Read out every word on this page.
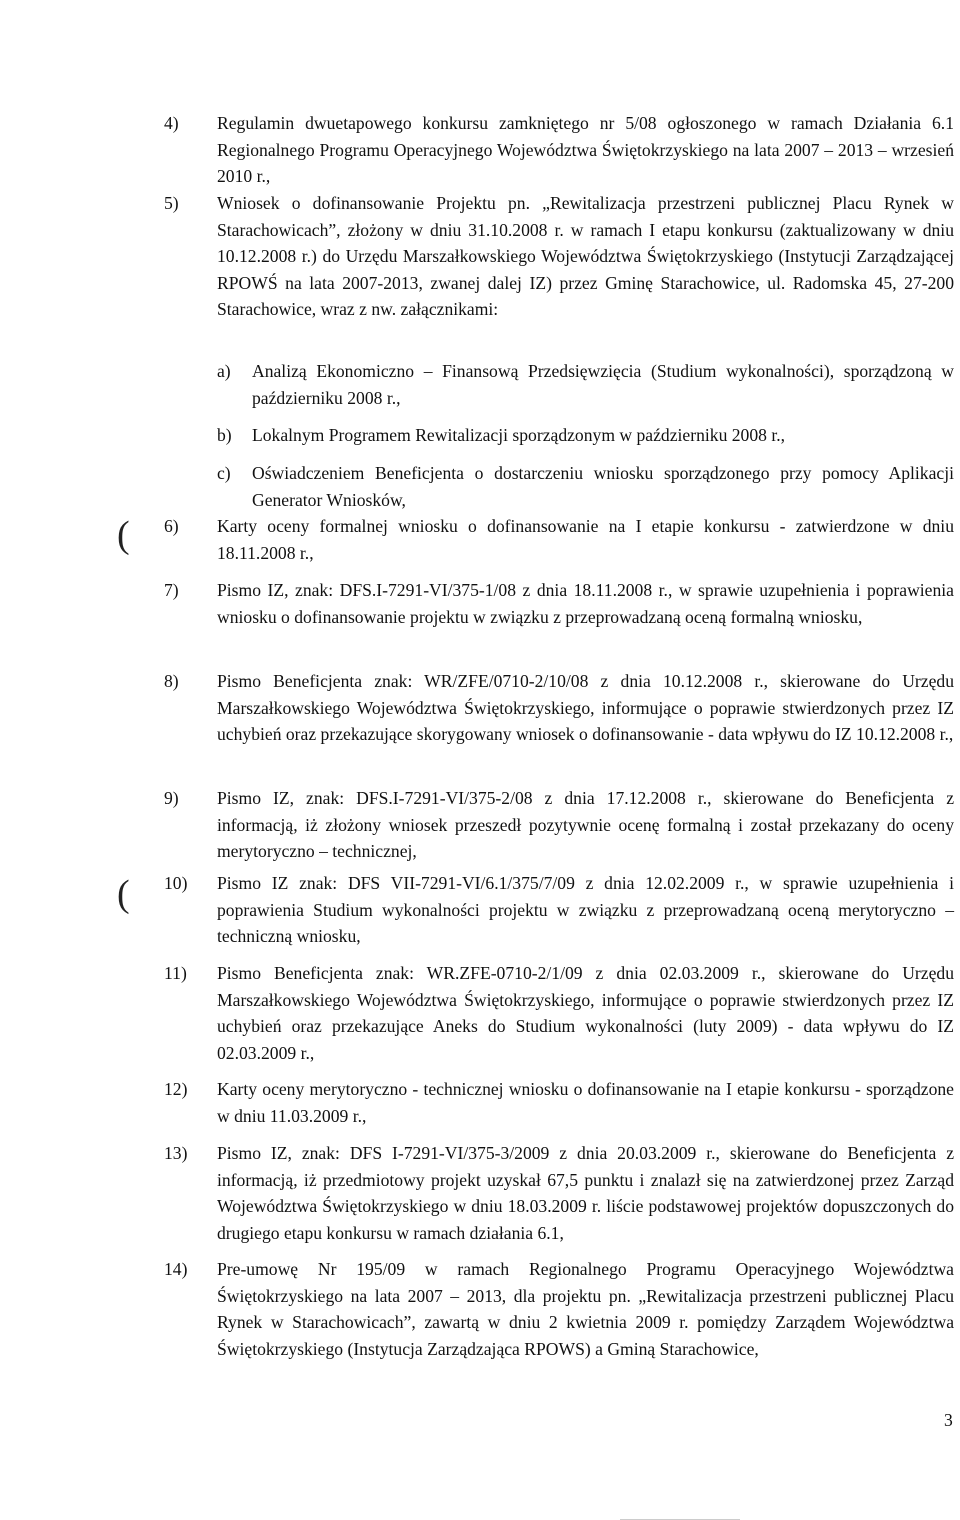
4) Regulamin dwuetapowego konkursu zamkniętego nr 5/08 ogłoszonego w ramach Działania 6.1 Regionalnego Programu Operacyjnego Województwa Świętokrzyskiego na lata 2007 – 2013 – wrzesień 2010 r.,
5) Wniosek o dofinansowanie Projektu pn. „Rewitalizacja przestrzeni publicznej Placu Rynek w Starachowicach”, złożony w dniu 31.10.2008 r. w ramach I etapu konkursu (zaktualizowany w dniu 10.12.2008 r.) do Urzędu Marszałkowskiego Województwa Świętokrzyskiego (Instytucji Zarządzającej RPOWŚ na lata 2007-2013, zwanej dalej IZ) przez Gminę Starachowice, ul. Radomska 45, 27-200 Starachowice, wraz z nw. załącznikami:
a) Analizą Ekonomiczno – Finansową Przedsięwzięcia (Studium wykonalności), sporządzoną w październiku 2008 r.,
b) Lokalnym Programem Rewitalizacji sporządzonym w październiku 2008 r.,
c) Oświadczeniem Beneficjenta o dostarczeniu wniosku sporządzonego przy pomocy Aplikacji Generator Wniosków,
6) Karty oceny formalnej wniosku o dofinansowanie na I etapie konkursu - zatwierdzone w dniu 18.11.2008 r.,
7) Pismo IZ, znak: DFS.I-7291-VI/375-1/08 z dnia 18.11.2008 r., w sprawie uzupełnienia i poprawienia wniosku o dofinansowanie projektu w związku z przeprowadzaną oceną formalną wniosku,
8) Pismo Beneficjenta znak: WR/ZFE/0710-2/10/08 z dnia 10.12.2008 r., skierowane do Urzędu Marszałkowskiego Województwa Świętokrzyskiego, informujące o poprawie stwierdzonych przez IZ uchybień oraz przekazujące skorygowany wniosek o dofinansowanie - data wpływu do IZ 10.12.2008 r.,
9) Pismo IZ, znak: DFS.I-7291-VI/375-2/08 z dnia 17.12.2008 r., skierowane do Beneficjenta z informacją, iż złożony wniosek przeszedł pozytywnie ocenę formalną i został przekazany do oceny merytoryczno – technicznej,
10) Pismo IZ znak: DFS VII-7291-VI/6.1/375/7/09 z dnia 12.02.2009 r., w sprawie uzupełnienia i poprawienia Studium wykonalności projektu w związku z przeprowadzaną oceną merytoryczno – techniczną wniosku,
11) Pismo Beneficjenta znak: WR.ZFE-0710-2/1/09 z dnia 02.03.2009 r., skierowane do Urzędu Marszałkowskiego Województwa Świętokrzyskiego, informujące o poprawie stwierdzonych przez IZ uchybień oraz przekazujące Aneks do Studium wykonalności (luty 2009) - data wpływu do IZ 02.03.2009 r.,
12) Karty oceny merytoryczno - technicznej wniosku o dofinansowanie na I etapie konkursu - sporządzone w dniu 11.03.2009 r.,
13) Pismo IZ, znak: DFS I-7291-VI/375-3/2009 z dnia 20.03.2009 r., skierowane do Beneficjenta z informacją, iż przedmiotowy projekt uzyskał 67,5 punktu i znalazł się na zatwierdzonej przez Zarząd Województwa Świętokrzyskiego w dniu 18.03.2009 r. liście podstawowej projektów dopuszczonych do drugiego etapu konkursu w ramach działania 6.1,
14) Pre-umowę Nr 195/09 w ramach Regionalnego Programu Operacyjnego Województwa Świętokrzyskiego na lata 2007 – 2013, dla projektu pn. „Rewitalizacja przestrzeni publicznej Placu Rynek w Starachowicach”, zawartą w dniu 2 kwietnia 2009 r. pomiędzy Zarządem Województwa Świętokrzyskiego (Instytucja Zarządzająca RPOWS) a Gminą Starachowice,
(
(
3
